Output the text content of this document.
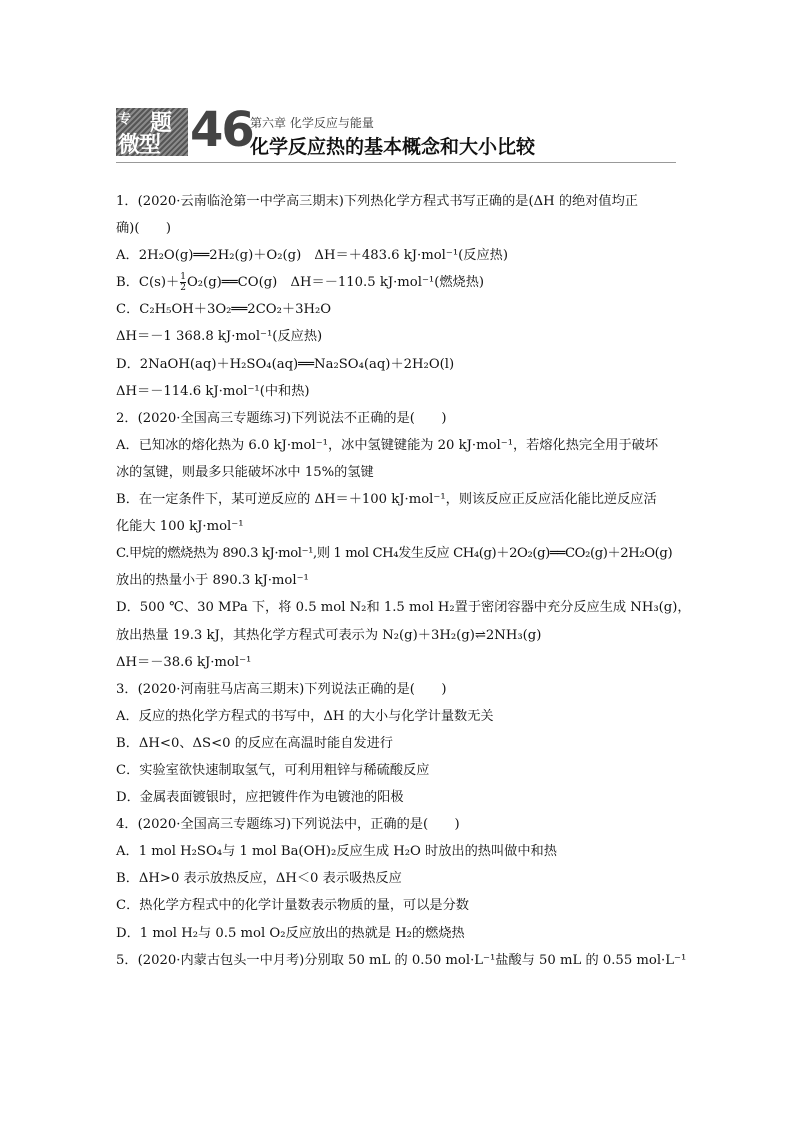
专 题
微型 46
第六章 化学反应与能量
化学反应热的基本概念和大小比较
1．(2020·云南临沧第一中学高三期末)下列热化学方程式书写正确的是(ΔH 的绝对值均正
确)(　　)
A．2H₂O(g)══2H₂(g)＋O₂(g)　ΔH＝＋483.6 kJ·mol⁻¹(反应热)
B．$C(s)+ \frac{1}{2}$ O₂(g)══CO(g)　ΔH＝－110.5 kJ·mol⁻¹(燃烧热)
C．C₂H₅OH＋3O₂══2CO₂＋3H₂O
ΔH＝－1 368.8 kJ·mol⁻¹(反应热)
D．2NaOH(aq)＋H₂SO₄(aq)══Na₂SO₄(aq)＋2H₂O(l)
ΔH＝－114.6 kJ·mol⁻¹(中和热)
2．(2020·全国高三专题练习)下列说法不正确的是(　　)
A．已知冰的熔化热为 6.0 kJ·mol⁻¹，冰中氢键键能为 20 kJ·mol⁻¹，若熔化热完全用于破坏
冰的氢键，则最多只能破坏冰中 15%的氢键
B．在一定条件下，某可逆反应的 ΔH＝＋100 kJ·mol⁻¹，则该反应正反应活化能比逆反应活
化能大 100 kJ·mol⁻¹
C.甲烷的燃烧热为 890.3 kJ·mol⁻¹,则 1 mol CH₄发生反应 CH₄(g)＋2O₂(g)══CO₂(g)＋2H₂O(g)
放出的热量小于 890.3 kJ·mol⁻¹
D．500 ℃、30 MPa 下，将 0.5 mol N₂和 1.5 mol H₂置于密闭容器中充分反应生成 NH₃(g)，
放出热量 19.3 kJ，其热化学方程式可表示为 N₂(g)＋3H₂(g)⇌2NH₃(g)
ΔH＝－38.6 kJ·mol⁻¹
3．(2020·河南驻马店高三期末)下列说法正确的是(　　)
A．反应的热化学方程式的书写中，ΔH 的大小与化学计量数无关
B．ΔH<0、ΔS<0 的反应在高温时能自发进行
C．实验室欲快速制取氢气，可利用粗锌与稀硫酸反应
D．金属表面镀银时，应把镀件作为电镀池的阳极
4．(2020·全国高三专题练习)下列说法中，正确的是(　　)
A．1 mol H₂SO₄与 1 mol Ba(OH)₂反应生成 H₂O 时放出的热叫做中和热
B．ΔH>0 表示放热反应，ΔH＜0 表示吸热反应
C．热化学方程式中的化学计量数表示物质的量，可以是分数
D．1 mol H₂与 0.5 mol O₂反应放出的热就是 H₂的燃烧热
5．(2020·内蒙古包头一中月考)分别取 50 mL 的 0.50 mol·L⁻¹盐酸与 50 mL 的 0.55 mol·L⁻¹
